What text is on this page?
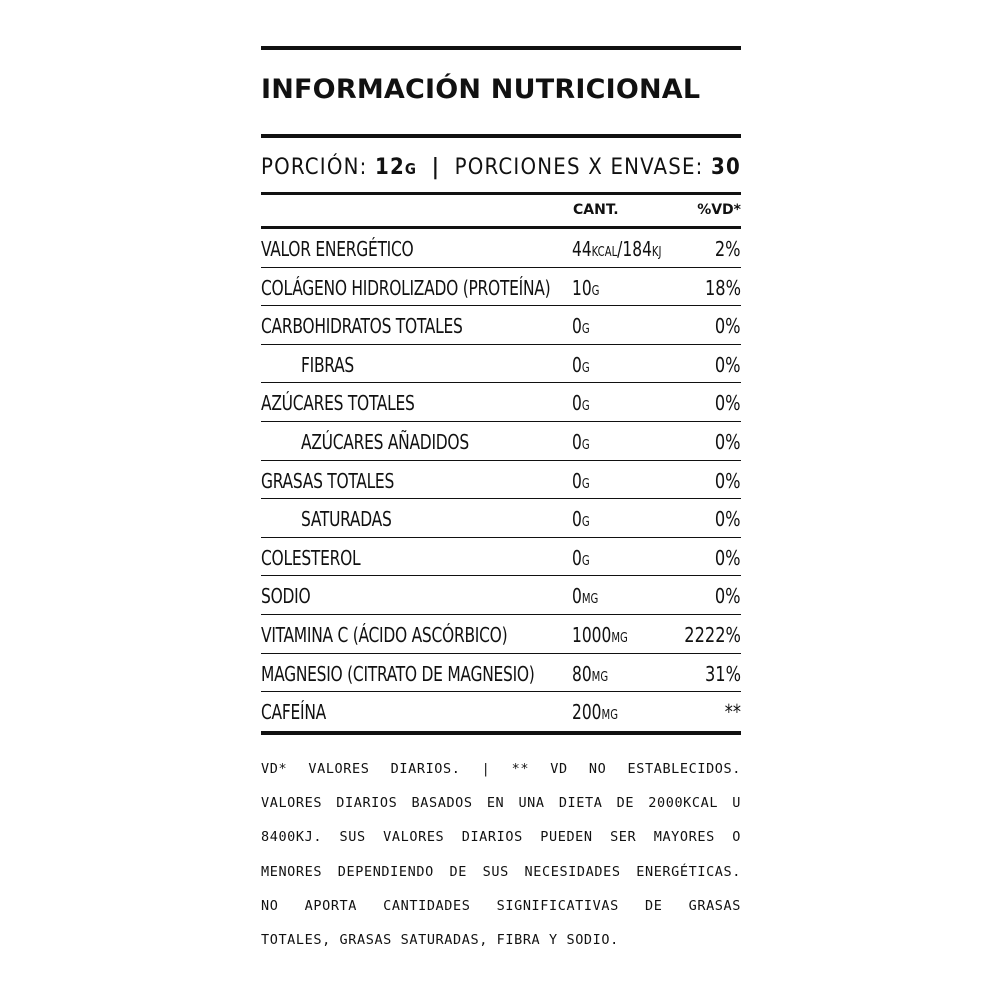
INFORMACIÓN NUTRICIONAL
PORCIÓN: 12G | PORCIONES X ENVASE: 30
CANT.	%VD*
VALOR ENERGÉTICO	44KCAL/184KJ	2%
COLÁGENO HIDROLIZADO (PROTEÍNA) 10G	18%
CARBOHIDRATOS TOTALES	0G	0%
FIBRAS	0G	0%
AZÚCARES TOTALES	0G	0%
AZÚCARES AÑADIDOS	0G	0%
GRASAS TOTALES	0G	0%
SATURADAS	0G	0%
COLESTEROL	0G	0%
SODIO	0MG	0%
VITAMINA C (ÁCIDO ASCÓRBICO)	1000MG	2222%
MAGNESIO (CITRATO DE MAGNESIO) 80MG	31%
CAFEÍNA	200MG	**
VD* VALORES DIARIOS. | ** VD NO ESTABLECIDOS.
VALORES DIARIOS BASADOS EN UNA DIETA DE 2000KCAL U
8400KJ. SUS VALORES DIARIOS PUEDEN SER MAYORES O
MENORES DEPENDIENDO DE SUS NECESIDADES ENERGÉTICAS.
NO APORTA CANTIDADES SIGNIFICATIVAS DE GRASAS
TOTALES, GRASAS SATURADAS, FIBRA Y SODIO.
